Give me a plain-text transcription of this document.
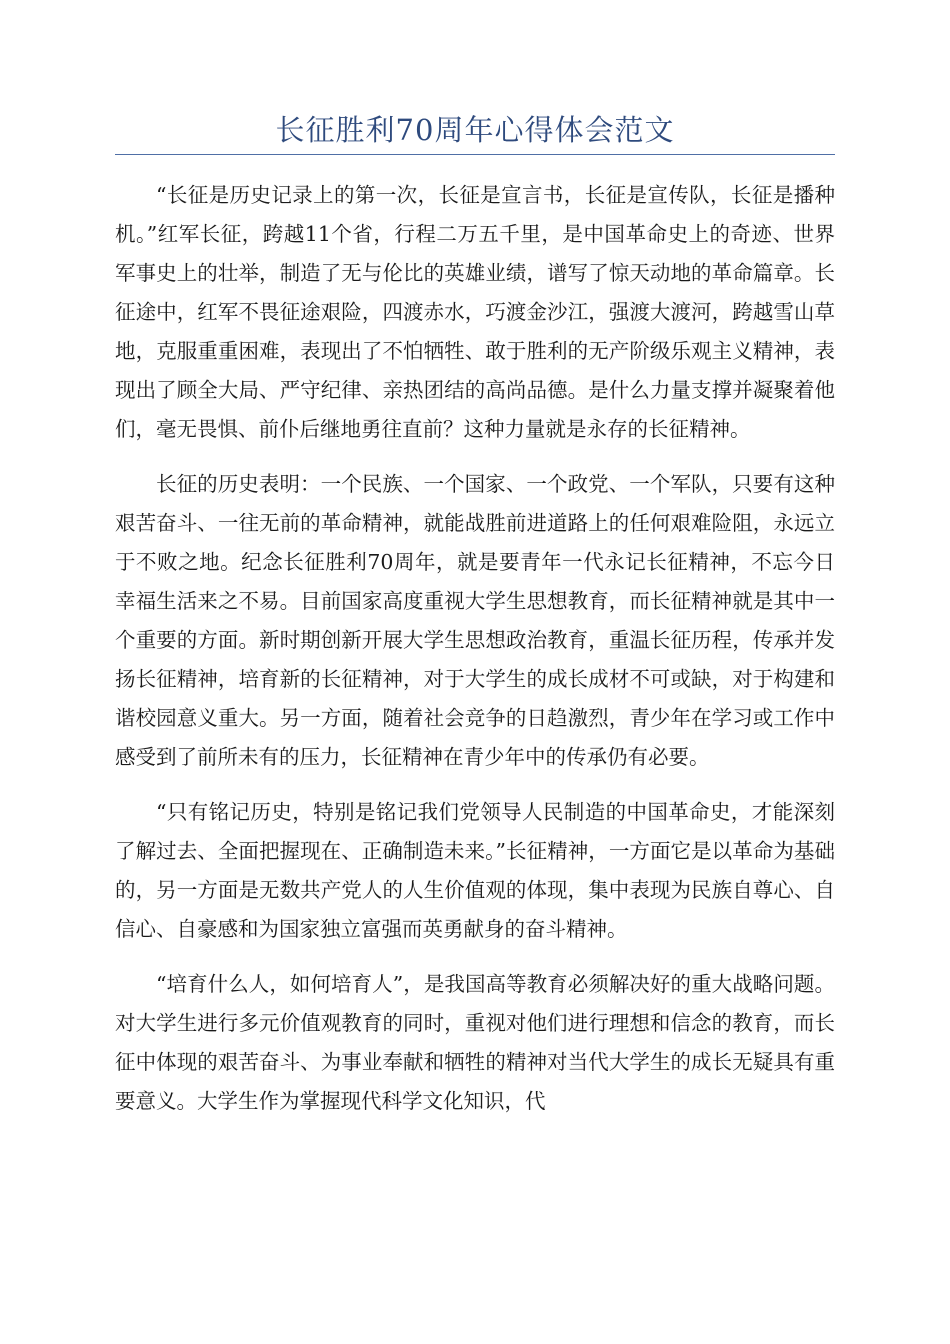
长征胜利70周年心得体会范文

“长征是历史记录上的第一次，长征是宣言书，长征是宣传队，长征是播种机。”红军长征，跨越11个省，行程二万五千里，是中国革命史上的奇迹、世界军事史上的壮举，制造了无与伦比的英雄业绩，谱写了惊天动地的革命篇章。长征途中，红军不畏征途艰险，四渡赤水，巧渡金沙江，强渡大渡河，跨越雪山草地，克服重重困难，表现出了不怕牺牲、敢于胜利的无产阶级乐观主义精神，表现出了顾全大局、严守纪律、亲热团结的高尚品德。是什么力量支撑并凝聚着他们，毫无畏惧、前仆后继地勇往直前？这种力量就是永存的长征精神。

长征的历史表明：一个民族、一个国家、一个政党、一个军队，只要有这种艰苦奋斗、一往无前的革命精神，就能战胜前进道路上的任何艰难险阻，永远立于不败之地。纪念长征胜利70周年，就是要青年一代永记长征精神，不忘今日幸福生活来之不易。目前国家高度重视大学生思想教育，而长征精神就是其中一个重要的方面。新时期创新开展大学生思想政治教育，重温长征历程，传承并发扬长征精神，培育新的长征精神，对于大学生的成长成材不可或缺，对于构建和谐校园意义重大。另一方面，随着社会竞争的日趋激烈，青少年在学习或工作中感受到了前所未有的压力，长征精神在青少年中的传承仍有必要。

“只有铭记历史，特别是铭记我们党领导人民制造的中国革命史，才能深刻了解过去、全面把握现在、正确制造未来。”长征精神，一方面它是以革命为基础的，另一方面是无数共产党人的人生价值观的体现，集中表现为民族自尊心、自信心、自豪感和为国家独立富强而英勇献身的奋斗精神。

“培育什么人，如何培育人”，是我国高等教育必须解决好的重大战略问题。对大学生进行多元价值观教育的同时，重视对他们进行理想和信念的教育，而长征中体现的艰苦奋斗、为事业奉献和牺牲的精神对当代大学生的成长无疑具有重要意义。大学生作为掌握现代科学文化知识，代
